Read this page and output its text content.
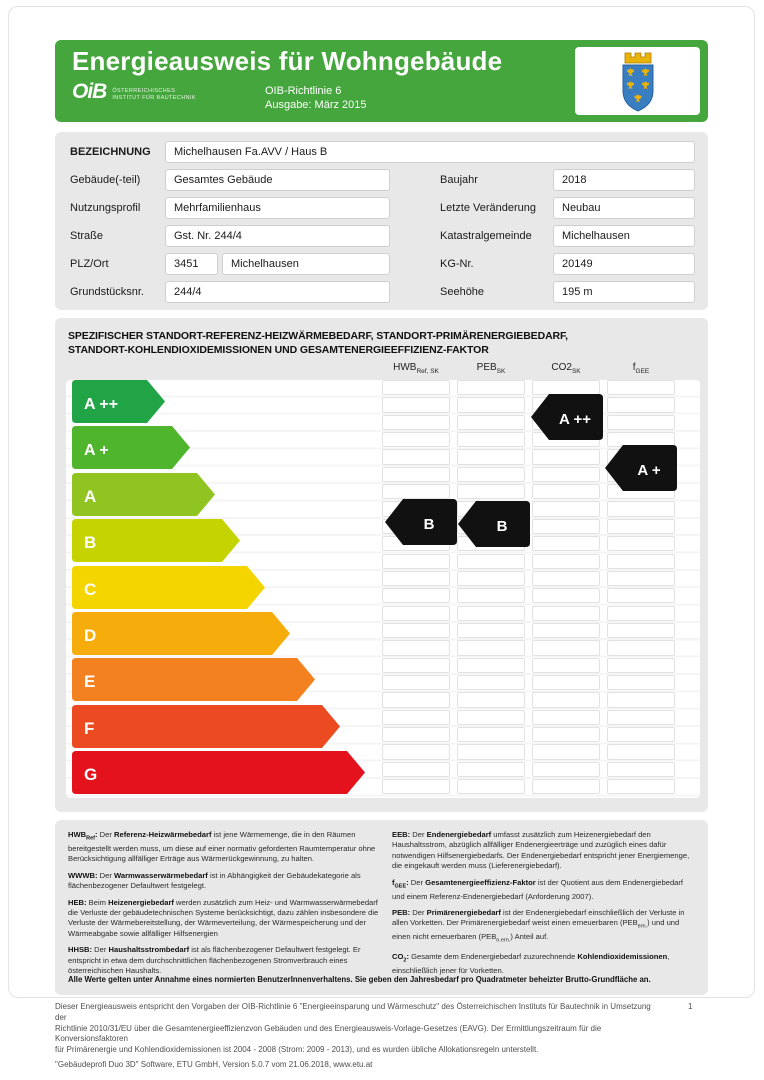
Energieausweis für Wohngebäude
OiB ÖSTERREICHISCHES
INSTITUT FÜR BAUTECHNIK
OIB-Richtlinie 6
Ausgabe: März 2015
BEZEICHNUNG	Michelhausen Fa.AVV / Haus B
Gebäude(-teil)	Gesamtes Gebäude	Baujahr	2018
Nutzungsprofil	Mehrfamilienhaus	Letzte Veränderung	Neubau
Straße	Gst. Nr. 244/4	Katastralgemeinde	Michelhausen
PLZ/Ort	3451	Michelhausen	KG-Nr.	20149
Grundstücksnr.	244/4	Seehöhe	195 m
SPEZIFISCHER STANDORT-REFERENZ-HEIZWÄRMEBEDARF, STANDORT-PRIMÄRENERGIEBEDARF,
STANDORT-KOHLENDIOXIDEMISSIONEN UND GESAMTENERGIEEFFIZIENZ-FAKTOR
$HWB_{Ref, SK}$	$PEB_{SK}$	$CO2_{SK}$	$f_{GEE}$
A ++
A +
A
B
C
D
E
F
G
B	B
A ++
A +

$HWB_{Ref}$: Der Referenz-Heizwärmebedarf ist jene Wärmemenge, die in den Räumen bereitgestellt werden muss, um diese auf einer normativ geforderten Raumtemperatur ohne Berücksichtigung allfälliger Erträge aus Wärmerückgewinnung, zu halten.

WWWB: Der Warmwasserwärmebedarf ist in Abhängigkeit der Gebäudekategorie als flächenbezogener Defaultwert festgelegt.

HEB: Beim Heizenergiebedarf werden zusätzlich zum Heiz- und Warmwasserwärmebedarf die Verluste der gebäudetechnischen Systeme berücksichtigt, dazu zählen insbesondere die Verluste der Wärmebereitstellung, der Wärmeverteilung, der Wärmespeicherung und der Wärmeabgabe sowie allfälliger Hilfsenergien

HHSB: Der Haushaltsstrombedarf ist als flächenbezogener Defaultwert festgelegt. Er entspricht in etwa dem durchschnittlichen flächenbezogenen Stromverbrauch eines österreichischen Haushalts.

EEB: Der Endenergiebedarf umfasst zusätzlich zum Heizenergiebedarf den Haushaltsstrom, abzüglich allfälliger Endenergieerträge und zuzüglich eines dafür notwendigen Hilfsenergiebedarfs. Der Endenergiebedarf entspricht jener Energiemenge, die eingekauft werden muss (Lieferenergiebedarf).

$f_{GEE}$: Der Gesamtenergieeffizienz-Faktor ist der Quotient aus dem Endenergiebedarf und einem Referenz-Endenergiebedarf (Anforderung 2007).

PEB: Der Primärenergiebedarf ist der Endenergiebedarf einschließlich der Verluste in allen Vorketten. Der Primärenergiebedarf weist einen erneuerbaren $(PEB_{ern.})$ und und einen nicht erneuerbaren $(PEB_{n.ern.})$ Anteil auf.

$CO_2$: Gesamte dem Endenergiebedarf zuzurechnende Kohlendioxidemissionen, einschließlich jener für Vorketten.

Alle Werte gelten unter Annahme eines normierten BenutzerInnenverhaltens. Sie geben den Jahresbedarf pro Quadratmeter beheizter Brutto-Grundfläche an.
Dieser Energieausweis entspricht den Vorgaben der OIB-Richtlinie 6 "Energieeinsparung und Wärmeschutz" des Österreichischen Instituts für Bautechnik in Umsetzung der
Richtlinie 2010/31/EU über die Gesamtenergieeffizienzvon Gebäuden und des Energieausweis-Vorlage-Gesetzes (EAVG). Der Ermittlungszeitraum für die Konversionsfaktoren
für Primärenergie und Kohlendioxidemissionen ist 2004 - 2008 (Strom: 2009 - 2013), und es wurden übliche Allokationsregeln unterstellt.
"Gebäudeprofi Duo 3D" Software, ETU GmbH, Version 5.0.7 vom 21.06.2018, www.etu.at
1
